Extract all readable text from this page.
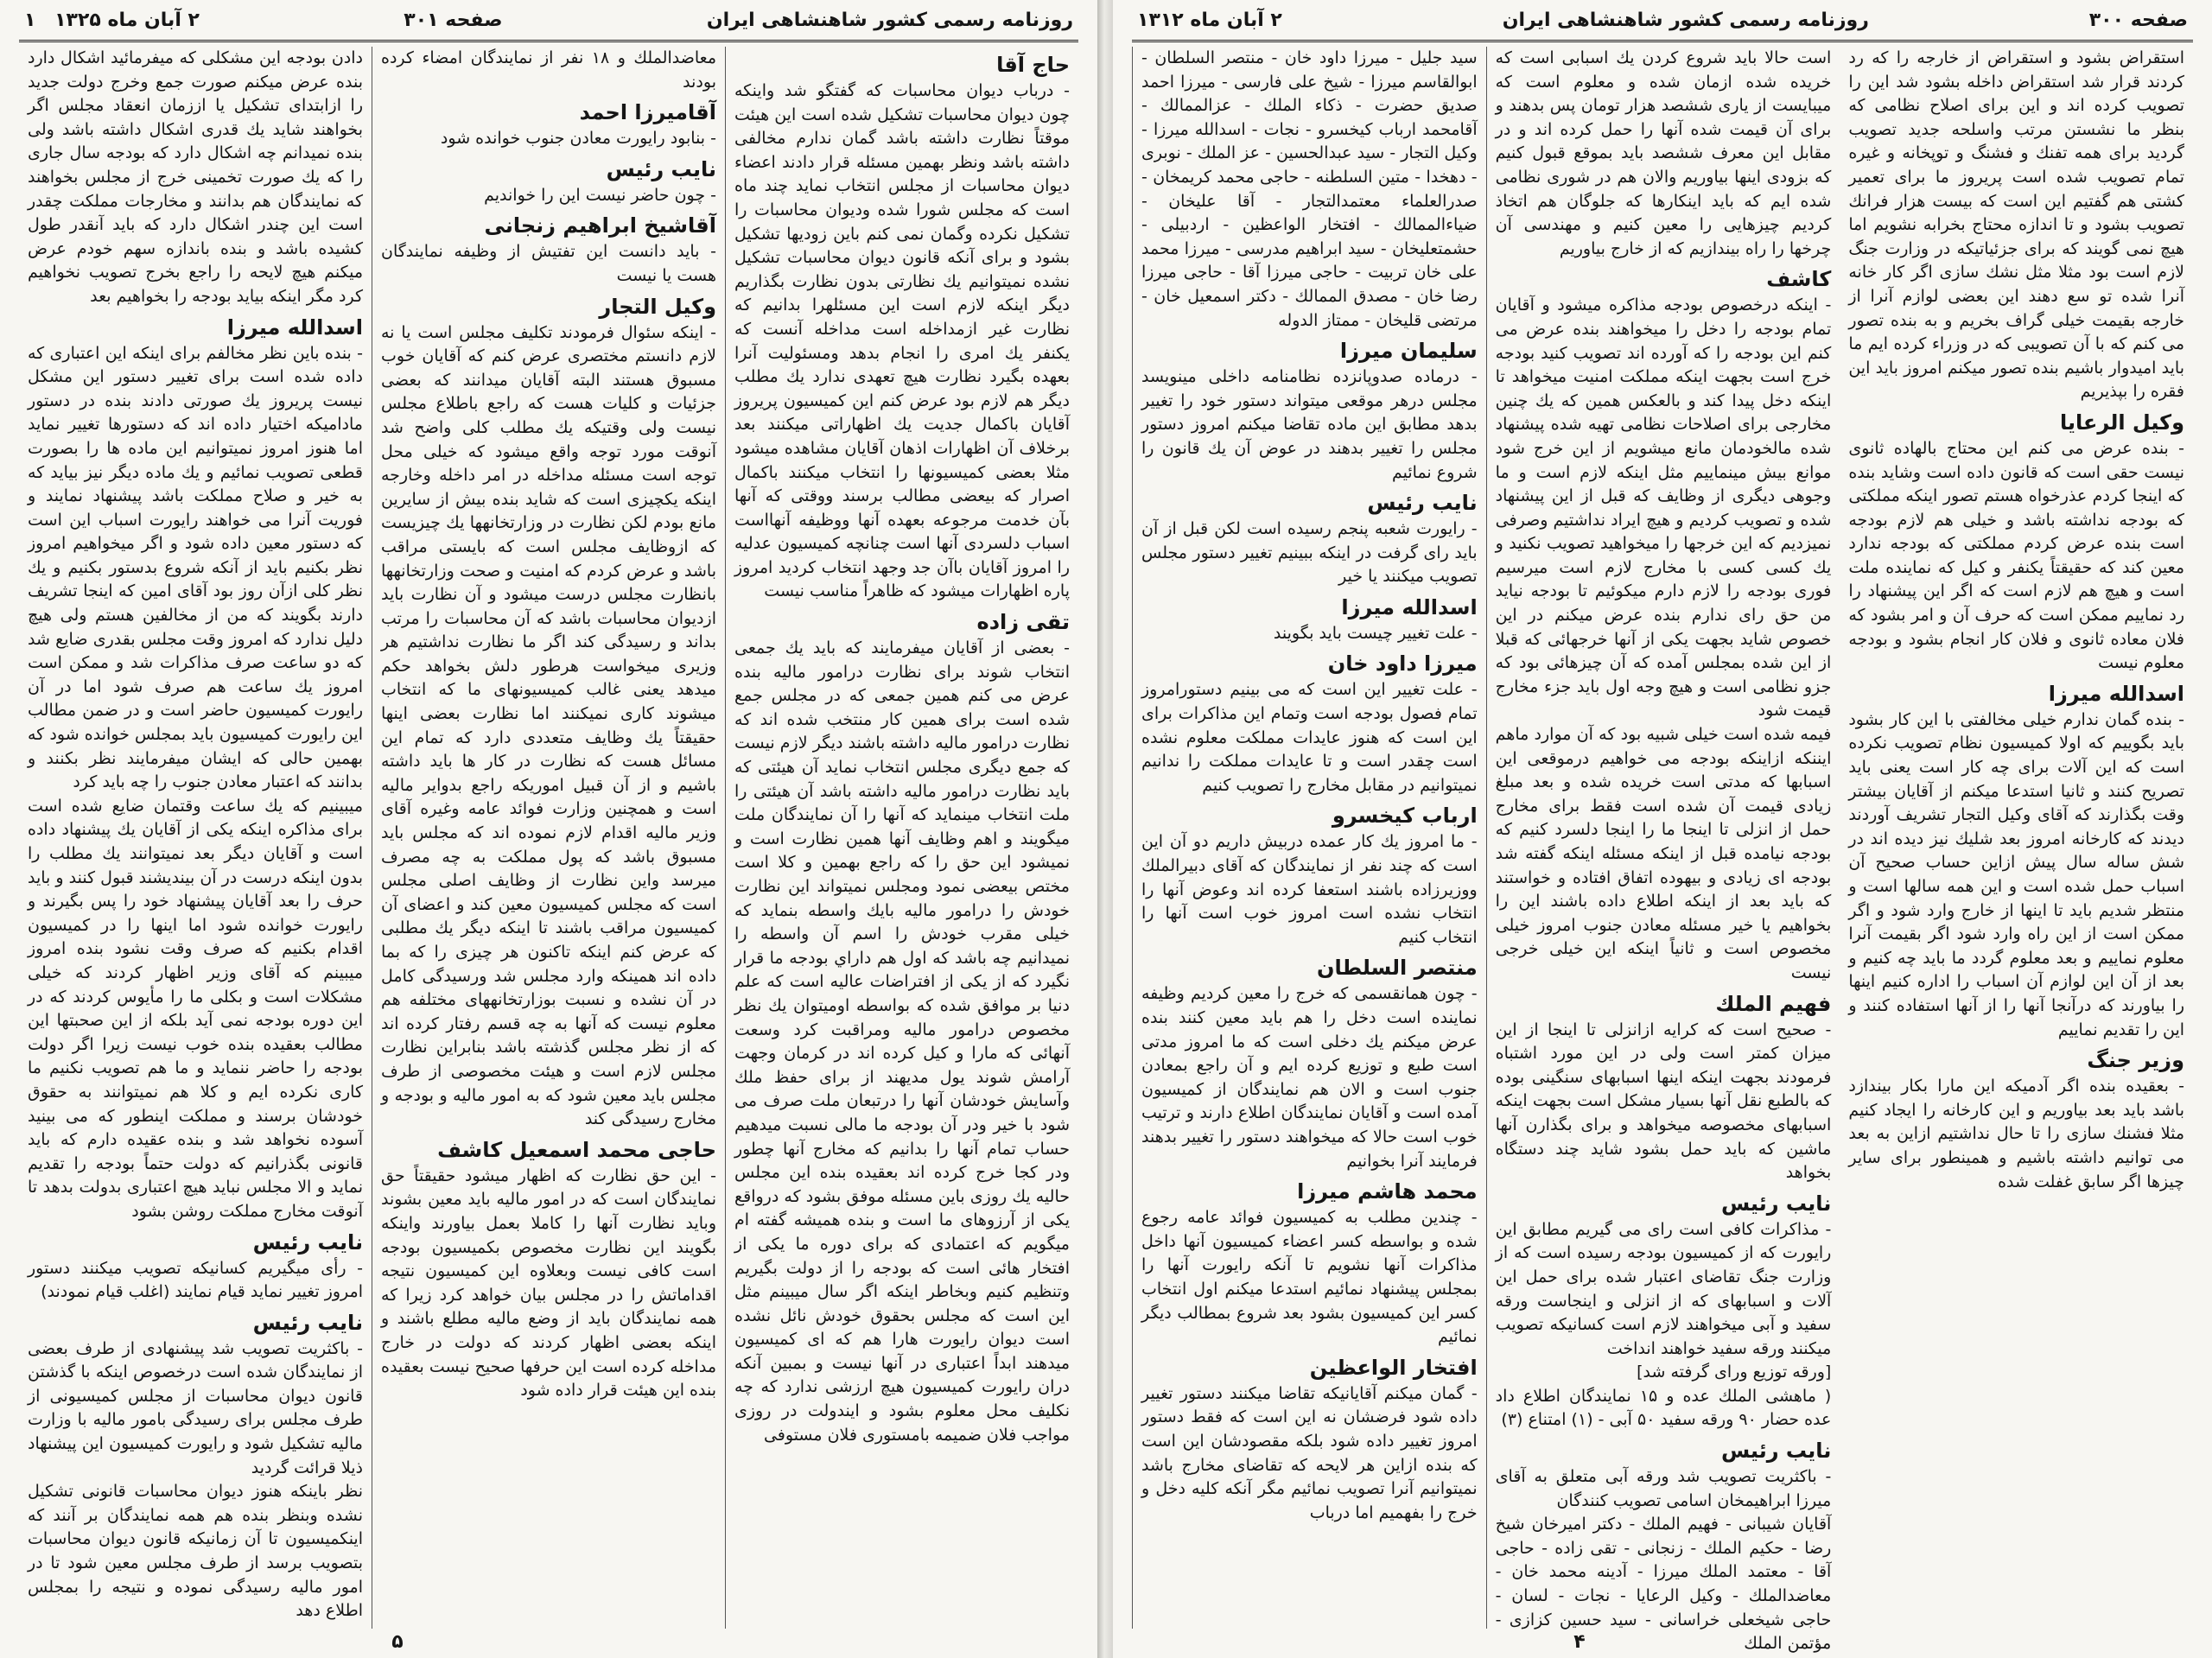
صفحه ۳۰۱	روزنامه رسمی کشور شاهنشاهی ایران
۲ آبان ماه ۱۳۲۵ ۱

حاج آقا
- درباب دیوان محاسبات که گفتگو شد واینکه چون دیوان محاسبات تشکیل شده است این هیئت موقتاً نظارت داشته باشد گمان ندارم مخالفی داشته باشد ونظر بهمین مسئله قرار دادند اعضاء دیوان محاسبات از مجلس انتخاب نماید چند ماه است که مجلس شورا شده ودیوان محاسبات را تشکیل نکرده وگمان نمی کنم باین زودیها تشکیل بشود و برای آنکه قانون دیوان محاسبات تشکیل نشده نمیتوانیم یك نظارتی بدون نظارت بگذاریم دیگر اینکه لازم است این مسئلهرا بدانیم که نظارت غیر ازمداخله است مداخله آنست که یکنفر یك امری را انجام بدهد ومسئولیت آنرا بعهده بگیرد نظارت هیچ تعهدی ندارد یك مطلب دیگر هم لازم بود عرض کنم این کمیسیون پریروز آقایان باکمال جدیت یك اظهاراتی میکنند بعد برخلاف آن اظهارات اذهان آقایان مشاهده میشود مثلا بعضی کمیسیونها را انتخاب میکنند باکمال اصرار که بیعضی مطالب برسند ووقتی که آنها بآن خدمت مرجوعه بعهده آنها ووظیفه آنهااست اسباب دلسردی آنها است چنانچه کمیسیون عدلیه را امروز آقایان باآن جد وجهد انتخاب کردید امروز پاره اظهارات میشود که ظاهراً مناسب نیست

تقی زاده
- بعضی از آقایان میفرمایند که باید یك جمعی انتخاب شوند برای نظارت درامور مالیه بنده عرض می کنم همین جمعی که در مجلس جمع شده است برای همین کار منتخب شده اند که نظارت درامور مالیه داشته باشند دیگر لازم نیست که جمع دیگری مجلس انتخاب نماید آن هیئتی که باید نظارت درامور مالیه داشته باشد آن هیئتی را ملت انتخاب مینماید که آنها را آن نمایندگان ملت میگویند و اهم وظایف آنها همین نظارت است و نمیشود این حق را که راجع بهمین و کلا است مختص بیعضی نمود ومجلس نمیتواند این نظارت خودش را درامور مالیه بایك واسطه بنماید که خیلی مقرب خودش را اسم آن واسطه را نمیدانیم چه باشد که اول هم داراي بودجه ما قرار نگیرد که از یکی از افتراضات عالیه است که علم دنیا بر موافق شده که بواسطه اومیتوان یك نظر مخصوص درامور مالیه ومراقبت کرد وسعت آنهائی که مارا و کیل کرده اند در کرمان وجهت آرامش شوند یول مدیهند از برای حفظ ملك وآسایش خودشان آنها را درتبعان ملت صرف می شود با خیر ودر آن بودجه ما مالی نسبت میدهیم حساب تمام آنها را بدانیم که مخارج آنها چطور ودر کجا خرج کرده اند بعقیده بنده این مجلس حالیه یك روزی باین مسئله موفق بشود که درواقع یکی از آرزوهای ما است و بنده همیشه گفته ام میگویم که اعتمادی که برای دوره ما یکی از افتخار هائی است که بودجه را از دولت بگیریم وتنظیم کنیم وبخاطر اینکه اگر سال میبینم مثل این است که مجلس بحقوق خودش نائل نشده است دیوان رایورت هارا هم که ای کمیسیون میدهند ابداً اعتباری در آنها نیست و بمبین آنکه دران رایورت کمیسیون هیچ ارزشی ندارد که چه نکلیف محل معلوم بشود و ایندولت در روزی مواجب فلان ضمیمه بامستوری فلان مستوفی

معاضدالملك و ۱۸ نفر از نمایندگان امضاء کرده بودند

آقامیرزا احمد
- بنابود رایورت معادن جنوب خوانده شود

نایب رئیس
- چون حاضر نیست این را خواندیم

آقاشیخ ابراهیم زنجانی
- باید دانست این تفتیش از وظیفه نمایندگان هست یا نیست

وکیل التجار
- اینکه سئوال فرمودند تکلیف مجلس است یا نه لازم دانستم مختصری عرض کنم که آقایان خوب مسبوق هستند البته آقایان میدانند که بعضی جزئیات و کلیات هست که راجع باطلاع مجلس نیست ولی وقتیکه یك مطلب کلی واضح شد آنوقت مورد توجه واقع میشود که خیلی محل توجه است مسئله مداخله در امر داخله وخارجه اینکه یکچیزی است که شاید بنده بیش از سایرین مانع بودم لکن نظارت در وزارتخانهها یك چیزیست که ازوظایف مجلس است که بایستی مراقب باشد و عرض کردم که امنیت و صحت وزارتخانهها بانظارت مجلس درست میشود و آن نظارت باید ازدیوان محاسبات باشد که آن محاسبات را مرتب بداند و رسیدگی کند اگر ما نظارت نداشتیم هر وزیری میخواست هرطور دلش بخواهد حکم میدهد یعنی غالب کمیسیونهای ما که انتخاب میشوند کاری نمیکنند اما نظارت بعضی اینها حقیقتاً یك وظایف متعددی دارد که تمام این مسائل هست که نظارت در کار ها باید داشته باشیم و از آن قبیل اموریکه راجع بدوایر مالیه است و همچنین وزارت فوائد عامه وغیره آقای وزیر مالیه اقدام لازم نموده اند که مجلس باید مسبوق باشد که پول مملکت به چه مصرف میرسد واین نظارت از وظایف اصلی مجلس است که مجلس کمیسیون معین کند و اعضای آن کمیسیون مراقب باشند تا اینکه دیگر یك مطلبی که عرض کنم اینکه تاکنون هر چیزی را که بما داده اند همینکه وارد مجلس شد ورسیدگی کامل در آن نشده و نسبت بوزارتخانههای مختلفه هم معلوم نیست که آنها به چه قسم رفتار کرده اند که از نظر مجلس گذشته باشد بنابراین نظارت مجلس لازم است و هیئت مخصوصی از طرف مجلس باید معین شود که به امور مالیه و بودجه و مخارج رسیدگی کند

حاجی محمد اسمعیل کاشف
- این حق نظارت که اظهار میشود حقیقتاً حق نمایندگان است که در امور مالیه باید معین بشوند وباید نظارت آنها را کاملا بعمل بیاورند واینکه بگویند این نظارت مخصوص بكمیسیون بودجه است کافی نیست وبعلاوه این کمیسیون نتیجه اقداماتش را در مجلس بیان خواهد کرد زیرا که همه نمایندگان باید از وضع مالیه مطلع باشند و اینکه بعضی اظهار کردند که دولت در خارج مداخله کرده است این حرفها صحیح نیست بعقیده بنده این هیئت قرار داده شود

دادن بودجه این مشکلی که میفرمائید اشکال دارد بنده عرض میکنم صورت جمع وخرج دولت جدید را ازابتدای تشکیل یا اززمان انعقاد مجلس اگر بخواهند شاید یك قدری اشکال داشته باشد ولی بنده نمیدانم چه اشکال دارد که بودجه سال جاری را که یك صورت تخمینی خرج از مجلس بخواهند که نمایندگان هم بدانند و مخارجات مملکت چقدر است این چندر اشکال دارد که باید آنقدر طول کشیده باشد و بنده باندازه سهم خودم عرض میکنم هیچ لایحه را راجع بخرج تصویب نخواهیم کرد مگر اینکه بیاید بودجه را بخواهیم بعد

اسدالله میرزا
- بنده باین نظر مخالفم برای اینکه این اعتباری که داده شده است برای تغییر دستور این مشکل نیست پریروز یك صورتی دادند بنده در دستور ماداميكه اختیار داده اند که دستورها تغییر نماید اما هنوز امروز نمیتوانیم این ماده ها را بصورت قطعی تصویب نمائیم و یك ماده دیگر نیز بیاید که به خیر و صلاح مملکت باشد پیشنهاد نمایند و فوریت آنرا می خواهند رایورت اسباب این است که دستور معین داده شود و اگر میخواهیم امروز نظر بکنیم باید از آنکه شروع بدستور بکنیم و یك نظر کلی ازآن روز بود آقای امین که اینجا تشریف دارند بگویند که من از مخالفین هستم ولی هیچ دلیل ندارد که امروز وقت مجلس بقدری ضایع شد که دو ساعت صرف مذاکرات شد و ممکن است امروز یك ساعت هم صرف شود اما در آن رایورت کمیسیون حاضر است و در ضمن مطالب این رایورت کمیسیون باید بمجلس خوانده شود که بهمین حالی که ایشان میفرمایند نظر بکنند و بدانند که اعتبار معادن جنوب را چه باید کرد

میبینیم که یك ساعت وقتمان ضایع شده است برای مذاکره اینکه یکی از آقایان یك پیشنهاد داده است و آقایان دیگر بعد نمیتوانند یك مطلب را بدون اینکه درست در آن بیندیشند قبول کنند و باید حرف را بعد آقایان پیشنهاد خود را پس بگیرند و رایورت خوانده شود اما اینها را در کمیسیون اقدام بکنیم که صرف وقت نشود بنده امروز میبینم که آقای وزیر اظهار کردند که خیلی مشکلات است و بکلی ما را مأیوس کردند که در این دوره بودجه نمی آید بلکه از این صحبتها این مطالب بعقیده بنده خوب نیست زیرا اگر دولت بودجه را حاضر ننماید و ما هم تصویب نکنیم ما کاری نکرده ایم و کلا هم نمیتوانند به حقوق خودشان برسند و مملکت اینطور که می بینید آسوده نخواهد شد و بنده عقیده دارم که باید قانونی بگذرانیم که دولت حتماً بودجه را تقدیم نماید و الا مجلس نباید هیچ اعتباری بدولت بدهد تا آنوقت مخارج مملکت روشن بشود

نایب رئیس
- رأی میگیریم کسانیکه تصویب میکنند دستور امروز تغییر نماید قیام نمایند (اغلب قیام نمودند)

نایب رئیس
- باکثریت تصویب شد پیشنهادی از طرف بعضی از نمایندگان شده است درخصوص اینکه با گذشتن قانون دیوان محاسبات از مجلس کمیسیونی از طرف مجلس برای رسیدگی بامور مالیه با وزارت مالیه تشکیل شود و رایورت کمیسیون این پیشنهاد ذیلا قرائت گردید

نظر باینکه هنوز دیوان محاسبات قانونی تشکیل نشده وبنظر بنده هم همه نمایندگان بر آنند که اینکمیسیون تا آن زمانیکه قانون دیوان محاسبات بتصویب برسد از طرف مجلس معین شود تا در امور مالیه رسیدگی نموده و نتیجه را بمجلس اطلاع دهد

۵
صفحه ۳۰۰
روزنامه رسمی کشور شاهنشاهی ایران
۲ آبان ماه ۱۳۱۲

سید جلیل - میرزا داود خان - منتصر السلطان - ابوالقاسم میرزا - شیخ علی فارسی - میرزا احمد صدیق حضرت - ذکاء الملك - عزالممالك - آقامحمد ارباب کیخسرو - نجات - اسدالله میرزا - وکیل التجار - سید عبدالحسین - عز الملك - نوبری - دهخدا - متین السلطنه - حاجی محمد کریمخان - صدرالعلماء معتمدالتجار - آقا علیخان - ضیاءالممالك - افتخار الواعظین - اردبیلی - حشمتعلیخان - سید ابراهیم مدرسی - میرزا محمد علی خان تربیت - حاجی میرزا آقا - حاجی میرزا رضا خان - مصدق الممالك - دکتر اسمعیل خان - مرتضی قلیخان - ممتاز الدوله

سلیمان میرزا
- درماده صدوپانزده نظامنامه داخلی مینویسد مجلس درهر موقعی میتواند دستور خود را تغییر بدهد مطابق این ماده تقاضا میکنم امروز دستور مجلس را تغییر بدهند در عوض آن یك قانون را شروع نمائیم

نایب رئیس
- رایورت شعبه پنجم رسیده است لکن قبل از آن باید رای گرفت در اینکه ببینیم تغییر دستور مجلس تصویب میکنند یا خیر

اسدالله میرزا
- علت تغییر چیست باید بگویند

میرزا داود خان
- علت تغییر این است که می بینیم دستورامروز تمام فصول بودجه است وتمام این مذاکرات برای این است که هنوز عایدات مملکت معلوم نشده است چقدر است و تا عایدات مملکت را ندانیم نمیتوانیم در مقابل مخارج را تصویب کنیم

ارباب کیخسرو
- ما امروز یك کار عمده دربیش داریم دو آن این است که چند نفر از نمایندگان که آقای دبیرالملك ووزیرزاده باشند استعفا کرده اند وعوض آنها را انتخاب نشده است امروز خوب است آنها را انتخاب کنیم

منتصر السلطان
- چون همانقسمی که خرج را معین کردیم وظیفه نماینده است دخل را هم باید معین کنند بنده عرض میکنم یك دخلی است که ما امروز مدتی است طبع و توزیع کرده ایم و آن راجع بمعادن جنوب است و الان هم نمایندگان از کمیسیون آمده است و آقایان نمایندگان اطلاع دارند و ترتیب خوب است حالا که میخواهند دستور را تغییر بدهند فرمایند آنرا بخوانیم

محمد هاشم میرزا
- چندین مطلب به کمیسیون فوائد عامه رجوع شده و بواسطه کسر اعضاء کمیسیون آنها داخل مذاکرات آنها نشویم تا آنکه رایورت آنها را بمجلس پیشنهاد نمائیم استدعا میکنم اول انتخاب کسر این کمیسیون بشود بعد شروع بمطالب دیگر نمائیم

افتخار الواعظین
- گمان میکنم آقایانیکه تقاضا میکنند دستور تغییر داده شود فرضشان نه این است که فقط دستور امروز تغییر داده شود بلکه مقصودشان این است که بنده ازاین هر لایحه که تقاضای مخارج باشد نمیتوانیم آنرا تصویب نمائیم مگر آنکه کلیه دخل و خرج را بفهمیم اما درباب

است حالا باید شروع کردن یك اسبابی است که خریده شده ازمان شده و معلوم است که میبایست از یاری ششصد هزار تومان پس بدهند و برای آن قیمت شده آنها را حمل کرده اند و در مقابل این معرف ششصد باید بموقع قبول کنیم که بزودی اینها بیاوریم والان هم در شوری نظامی شده ایم که باید اینکارها که جلوگان هم اتخاذ کردیم چیزهایی را معین کنیم و مهندسی آن چرخها را راه بیندازیم که از خارج بیاوریم

کاشف
- اینکه درخصوص بودجه مذاکره میشود و آقایان تمام بودجه را دخل را میخواهند بنده عرض می کنم این بودجه را که آورده اند تصویب کنید بودجه خرج است بجهت اینکه مملکت امنیت میخواهد تا اینکه دخل پیدا کند و بالعکس همین که یك چنین مخارجی برای اصلاحات نظامی تهیه شده پیشنهاد شده مالخودمان مانع میشویم از این خرج شود موانع بیش مینماییم مثل اینکه لازم است و ما وجوهی دیگری از وظایف که قبل از این پیشنهاد شده و تصویب کردیم و هیچ ایراد نداشتیم وصرفی نمیزدیم که این خرجها را میخواهید تصویب نکنید و یك کسی کسی با مخارج لازم است میرسیم فوری بودجه را لازم دارم میکوئیم تا بودجه نیاید من حق رای ندارم بنده عرض میکنم در این خصوص شاید بجهت یکی از آنها خرجهائی که قبلا از این شده بمجلس آمده که آن چیزهائی بود که جزو نظامی است و هیچ وجه اول باید جزء مخارج قیمت شود

فیمه شده است خیلی شبیه بود که آن موارد ماهم ایننکه ازاینکه بودجه می خواهیم درموقعی این اسبابها که مدتی است خریده شده و بعد مبلغ زیادی قیمت آن شده است فقط برای مخارج حمل از انزلی تا اینجا ما را اینجا دلسرد کنیم که بودجه نیامده قبل از اینکه مسئله اینکه گفته شد بودجه ای زیادی و بیهوده اتفاق افتاده و خواستند که باید بعد از اینکه اطلاع داده باشند این را بخواهیم یا خیر مسئله معادن جنوب امروز خیلی مخصوص است و ثانیاً اینکه این خیلی خرجی نیست

فهیم الملك
- صحیح است که کرایه ازانزلی تا اینجا از این میزان کمتر است ولی در این مورد اشتباه فرمودند بجهت اینکه اینها اسبابهای سنگینی بوده که بالطبع نقل آنها بسیار مشکل است بجهت اینکه اسبابهای مخصوصه میخواهد و برای بگذارن آنها ماشین که باید حمل بشود شاید چند دستگاه بخواهد

نایب رئیس
- مذاکرات کافی است رای می گیریم مطابق این رایورت که از کمیسیون بودجه رسیده است که از وزارت جنگ تقاضای اعتبار شده برای حمل این آلات و اسبابهای که از انزلی و اینجاست ورقه سفید و آبی میخواهند لازم است کسانیکه تصویب میکنند ورقه سفید خواهند انداخت

[ورقه توزیع ورای گرفته شد]

( ماهشی الملك عده و ۱۵ نمایندگان اطلاع داد عده حضار ۹۰ ورقه سفید ۵۰ آبی - (۱) امتناع (۳)

نایب رئیس
- باکثریت تصویب شد ورقه آبی متعلق به آقای میرزا ابراهیمخان اسامی تصویب کنندگان

آقایان شیبانی - فهیم الملك - دکتر امیرخان شیخ رضا - حکیم الملك - زنجانی - تقی زاده - حاجی آقا - معتمد الملك میرزا - آدینه محمد خان - معاضدالملك - وکیل الرعایا - نجات - لسان - حاجی شیخعلی خراسانی - سید حسین کزازی - مؤتمن الملك

استقراض بشود و استقراض از خارجه را که رد کردند قرار شد استقراض داخله بشود شد این را تصویب کرده اند و این برای اصلاح نظامی که بنظر ما نشستن مرتب واسلحه جدید تصویب گردید برای همه تفنك و فشنگ و توپخانه و غیره تمام تصویب شده است پریروز ما برای تعمیر کشتی هم گفتیم این است که بیست هزار فرانك تصویب بشود و تا اندازه محتاج بخرابه نشویم اما هیچ نمی گویند که برای جزئیاتیکه در وزارت جنگ لازم است بود مثلا مثل نشك سازی اگر کار خانه آنرا شده تو سع دهند این بعضی لوازم آنرا از خارجه بقیمت خیلی گراف بخریم و به بنده تصور می کنم که با آن تصویبی که در وزراء کرده ایم ما باید امیدوار باشیم بنده تصور میکنم امروز باید این فقره را بپذیریم

وکیل الرعایا
- بنده عرض می کنم این محتاج بالهاده ثانوی نیست حقی است که قانون داده است وشاید بنده که اینجا کردم عذرخواه هستم تصور اینکه مملکتی که بودجه نداشته باشد و خیلی هم لازم بودجه است بنده عرض کردم مملکتی که بودجه ندارد معین کند که حقیقتاً یکنفر و کیل که نماینده ملت است و هیچ هم لازم است که اگر این پیشنهاد را رد نماییم ممکن است که حرف آن و امر بشود که فلان معاده ثانوی و فلان کار انجام بشود و بودجه معلوم نیست

اسدالله میرزا
- بنده گمان ندارم خیلی مخالفتی با این کار بشود باید بگوییم که اولا کمیسیون نظام تصویب نکرده است که این آلات برای چه کار است یعنی باید تصریح کنند و ثانیا استدعا میکنم از آقایان بیشتر وقت بگذارند که آقای وکیل التجار تشریف آوردند دیدند که کارخانه امروز بعد شلیك نیز دیده اند در شش ساله سال پیش ازاین حساب صحیح آن اسباب حمل شده است و این همه سالها است و منتظر شدیم باید تا اینها از خارج وارد شود و اگر ممکن است از این راه وارد شود اگر بقیمت آنرا معلوم نماییم و بعد معلوم گردد ما باید چه کنیم و بعد از آن این لوازم آن اسباب را اداره کنیم اینها را بیاورند که درآنجا آنها را از آنها استفاده کنند و این را تقدیم نماییم

وزیر جنگ
- بعقیده بنده اگر آدمیکه این مارا بکار بیندازد باشد باید بعد بیاوریم و این کارخانه را ایجاد کنیم مثلا فشنك سازی را تا حال نداشتیم ازاین به بعد می توانیم داشته باشیم و همینطور برای سایر چیزها اگر سابق غفلت شده

۴
